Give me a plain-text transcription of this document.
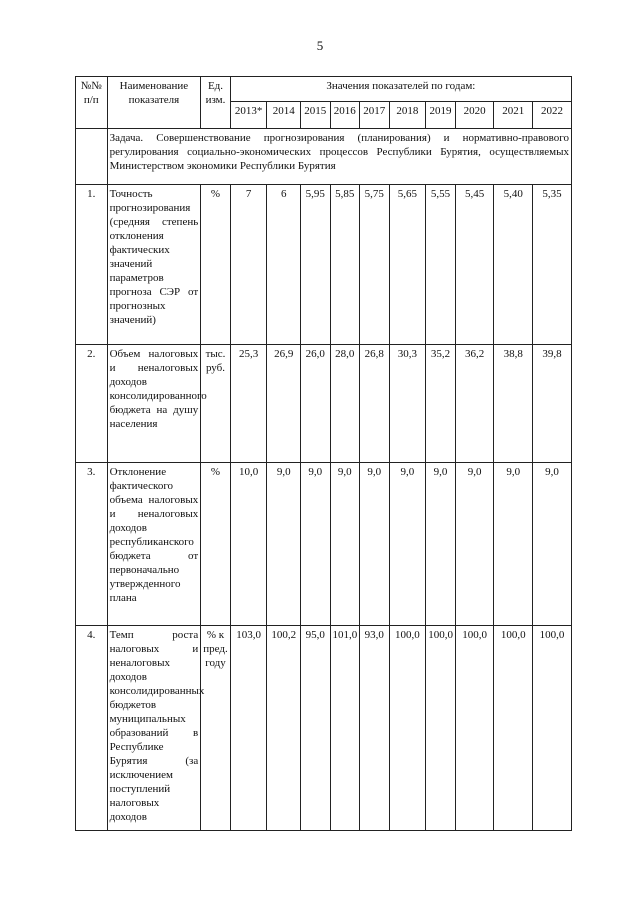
5
№№ п/п	Наименование показателя	Ед. изм.	Значения показателей по годам:									
			2013*	2014	2015	2016	2017	2018	2019	2020	2021	2022
	Задача. Совершенствование прогнозирования (планирования) и нормативно-правового регулирования социально-экономических процессов Республики Бурятия, осуществляемых Министерством экономики Республики Бурятия											
1.	Точность прогнозирования (средняя степень отклонения фактических значений параметров прогноза СЭР от прогнозных значений)	%	7	6	5,95	5,85	5,75	5,65	5,55	5,45	5,40	5,35
2.	Объем налоговых и неналоговых доходов консолидированного бюджета на душу населения	тыс. руб.	25,3	26,9	26,0	28,0	26,8	30,3	35,2	36,2	38,8	39,8
3.	Отклонение фактического объема налоговых и неналоговых доходов республиканского бюджета от первоначально утвержденного плана	%	10,0	9,0	9,0	9,0	9,0	9,0	9,0	9,0	9,0	9,0
4.	Темп роста налоговых и неналоговых доходов консолидированных бюджетов муниципальных образований в Республике Бурятия (за исключением поступлений налоговых доходов	% к пред. году	103,0	100,2	95,0	101,0	93,0	100,0	100,0	100,0	100,0	100,0
